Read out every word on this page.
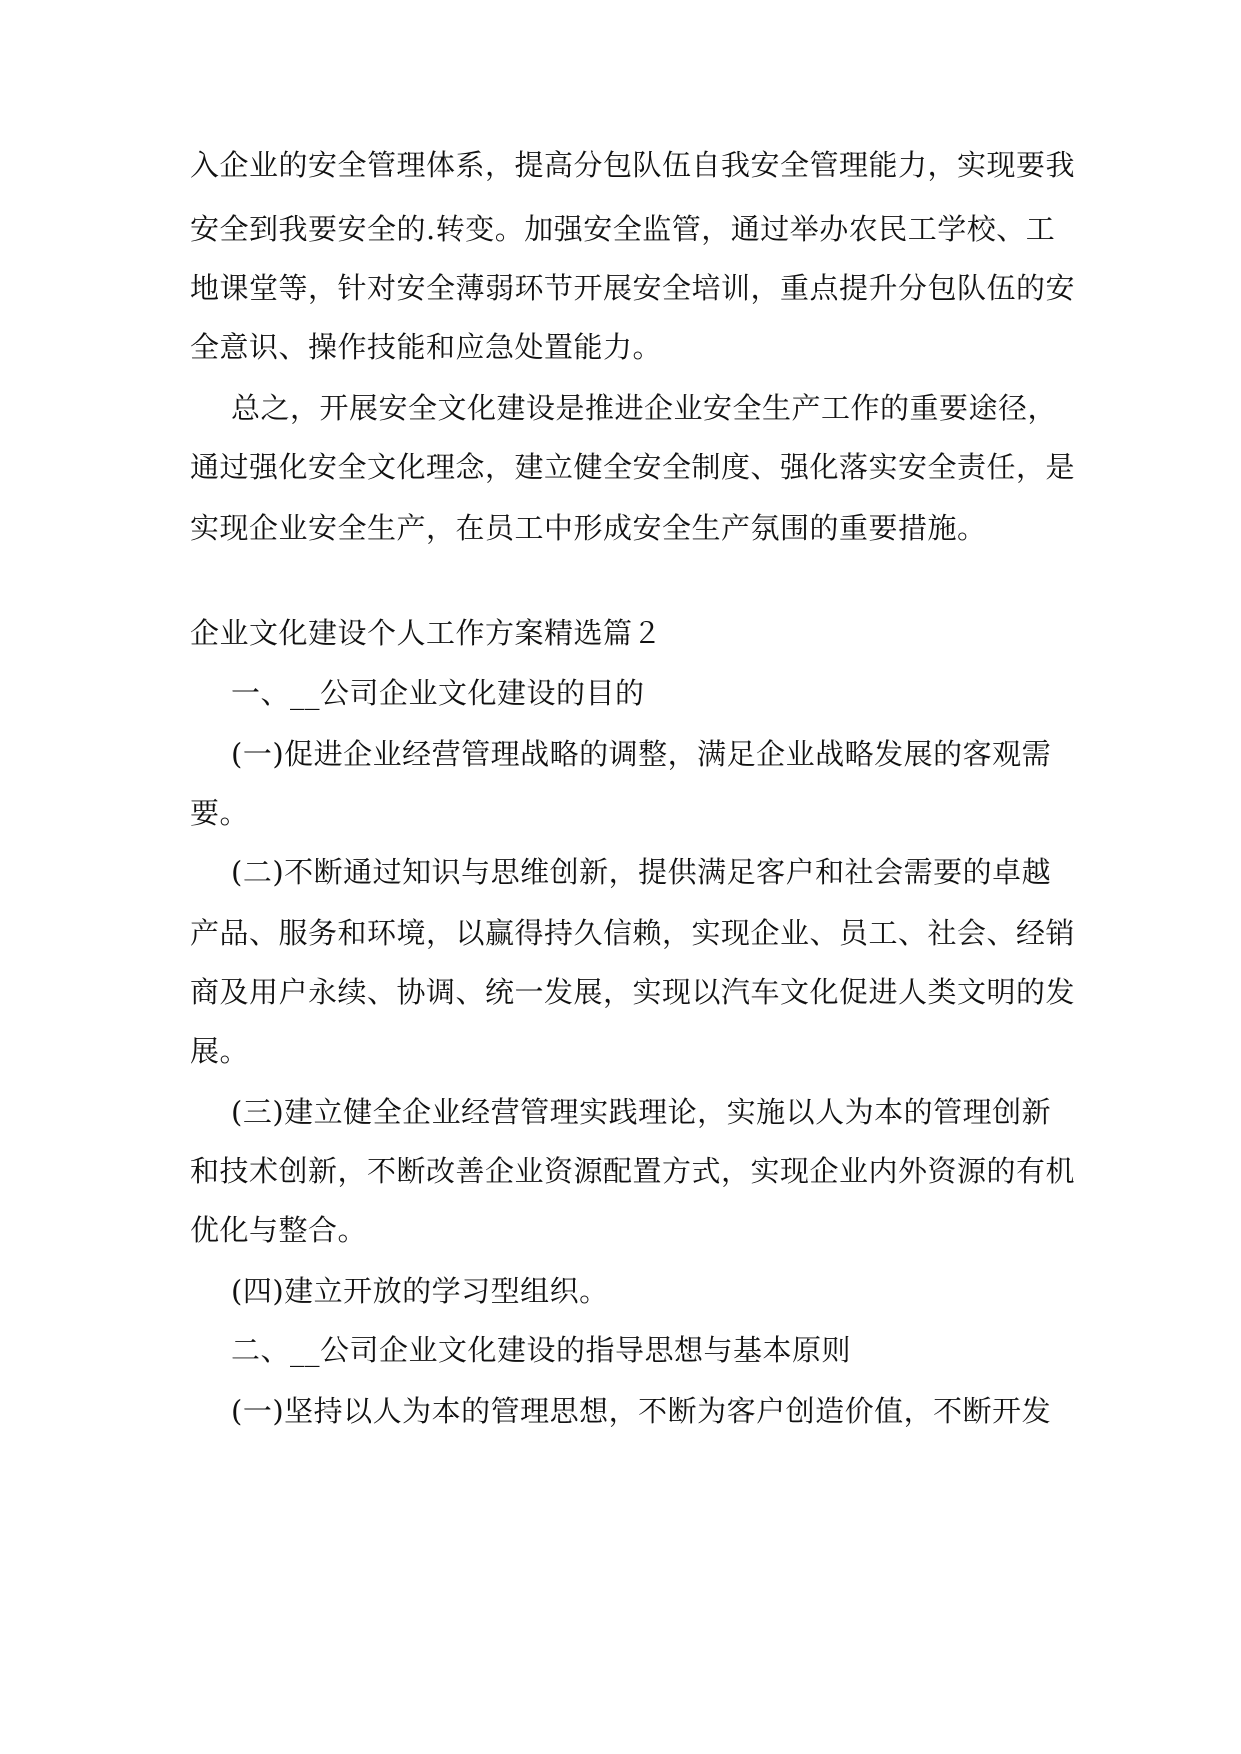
入企业的安全管理体系，提高分包队伍自我安全管理能力，实现要我
安全到我要安全的.转变。加强安全监管，通过举办农民工学校、工
地课堂等，针对安全薄弱环节开展安全培训，重点提升分包队伍的安
全意识、操作技能和应急处置能力。
总之，开展安全文化建设是推进企业安全生产工作的重要途径，
通过强化安全文化理念，建立健全安全制度、强化落实安全责任，是
实现企业安全生产，在员工中形成安全生产氛围的重要措施。
企业文化建设个人工作方案精选篇２
一、__公司企业文化建设的目的
(一)促进企业经营管理战略的调整，满足企业战略发展的客观需
要。
(二)不断通过知识与思维创新，提供满足客户和社会需要的卓越
产品、服务和环境，以赢得持久信赖，实现企业、员工、社会、经销
商及用户永续、协调、统一发展，实现以汽车文化促进人类文明的发
展。
(三)建立健全企业经营管理实践理论，实施以人为本的管理创新
和技术创新，不断改善企业资源配置方式，实现企业内外资源的有机
优化与整合。
(四)建立开放的学习型组织。
二、__公司企业文化建设的指导思想与基本原则
(一)坚持以人为本的管理思想，不断为客户创造价值，不断开发
